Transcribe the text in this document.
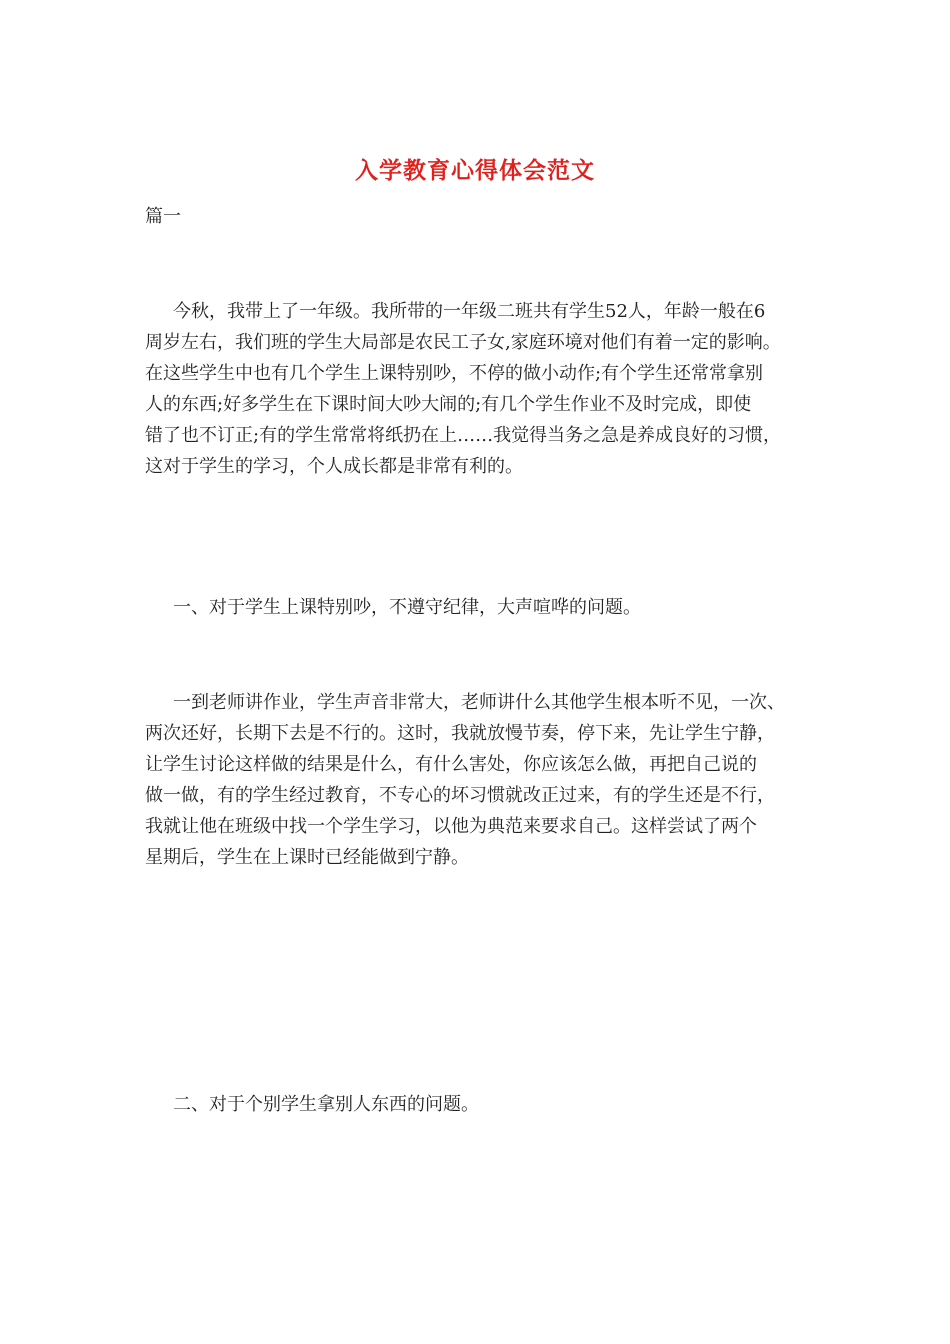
入学教育心得体会范文
篇一
今秋，我带上了一年级。我所带的一年级二班共有学生52人，年龄一般在6
周岁左右，我们班的学生大局部是农民工子女,家庭环境对他们有着一定的影响。
在这些学生中也有几个学生上课特别吵，不停的做小动作;有个学生还常常拿别
人的东西;好多学生在下课时间大吵大闹的;有几个学生作业不及时完成，即使
错了也不订正;有的学生常常将纸扔在上……我觉得当务之急是养成良好的习惯，
这对于学生的学习，个人成长都是非常有利的。
一、对于学生上课特别吵，不遵守纪律，大声喧哗的问题。
一到老师讲作业，学生声音非常大，老师讲什么其他学生根本听不见，一次、
两次还好，长期下去是不行的。这时，我就放慢节奏，停下来，先让学生宁静，
让学生讨论这样做的结果是什么，有什么害处，你应该怎么做，再把自己说的
做一做，有的学生经过教育，不专心的坏习惯就改正过来，有的学生还是不行，
我就让他在班级中找一个学生学习，以他为典范来要求自己。这样尝试了两个
星期后，学生在上课时已经能做到宁静。
二、对于个别学生拿别人东西的问题。
